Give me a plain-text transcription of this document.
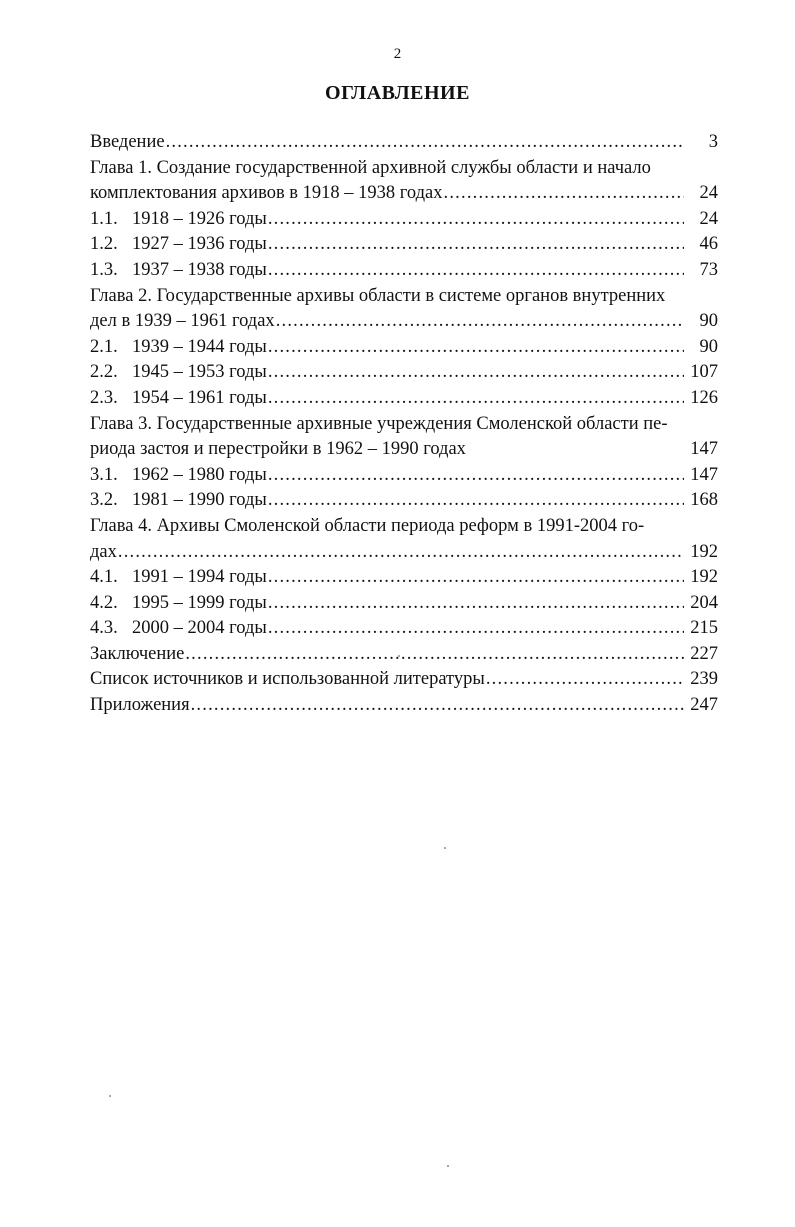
2
ОГЛАВЛЕНИЕ
Введение .....	3
Глава 1. Создание государственной архивной службы области и начало
комплектования архивов в 1918 – 1938 годах .....	24
1.1. 1918 – 1926 годы .....	24
1.2. 1927 – 1936 годы .....	46
1.3. 1937 – 1938 годы .....	73
Глава 2. Государственные архивы области в системе органов внутренних
дел в 1939 – 1961 годах .....	90
2.1. 1939 – 1944 годы .....	90
2.2. 1945 – 1953 годы .....	107
2.3. 1954 – 1961 годы .....	126
Глава 3. Государственные архивные учреждения Смоленской области пе-
риода застоя и перестройки в 1962 – 1990 годах	147
3.1. 1962 – 1980 годы .....	147
3.2. 1981 – 1990 годы .....	168
Глава 4. Архивы Смоленской области периода реформ в 1991-2004 го-
дах .....	192
4.1. 1991 – 1994 годы .....	192
4.2. 1995 – 1999 годы .....	204
4.3. 2000 – 2004 годы .....	215
Заключение .....	227
Список источников и использованной литературы .....	239
Приложения .....	247
